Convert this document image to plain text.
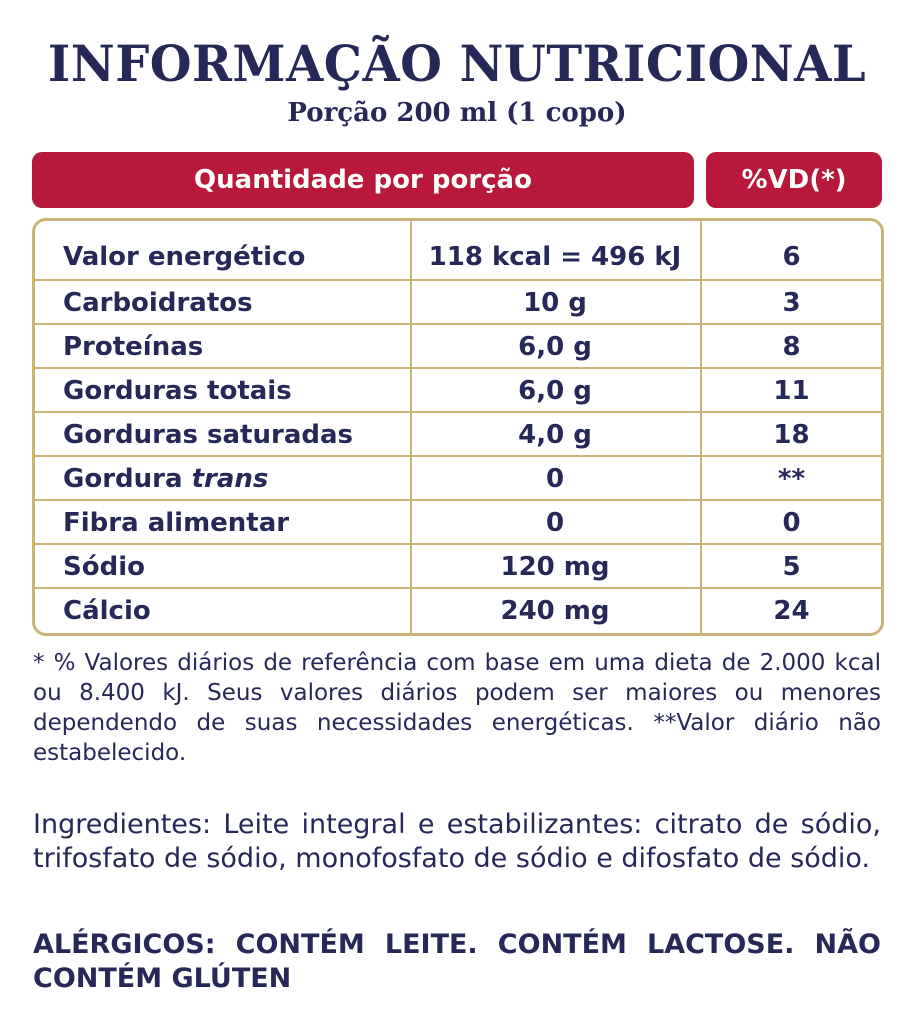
INFORMAÇÃO NUTRICIONAL
Porção 200 ml (1 copo)
Quantidade por porção	%VD(*)
Valor energético	118 kcal = 496 kJ	6
Carboidratos	10 g	3
Proteínas	6,0 g	8
Gorduras totais	6,0 g	11
Gorduras saturadas	4,0 g	18
Gordura trans	0	**
Fibra alimentar	0	0
Sódio	120 mg	5
Cálcio	240 mg	24
* % Valores diários de referência com base em uma dieta de 2.000 kcal ou 8.400 kJ. Seus valores diários podem ser maiores ou menores dependendo de suas necessidades energéticas. **Valor diário não estabelecido.
Ingredientes: Leite integral e estabilizantes: citrato de sódio, trifosfato de sódio, monofosfato de sódio e difosfato de sódio.
ALÉRGICOS: CONTÉM LEITE. CONTÉM LACTOSE. NÃO CONTÉM GLÚTEN
